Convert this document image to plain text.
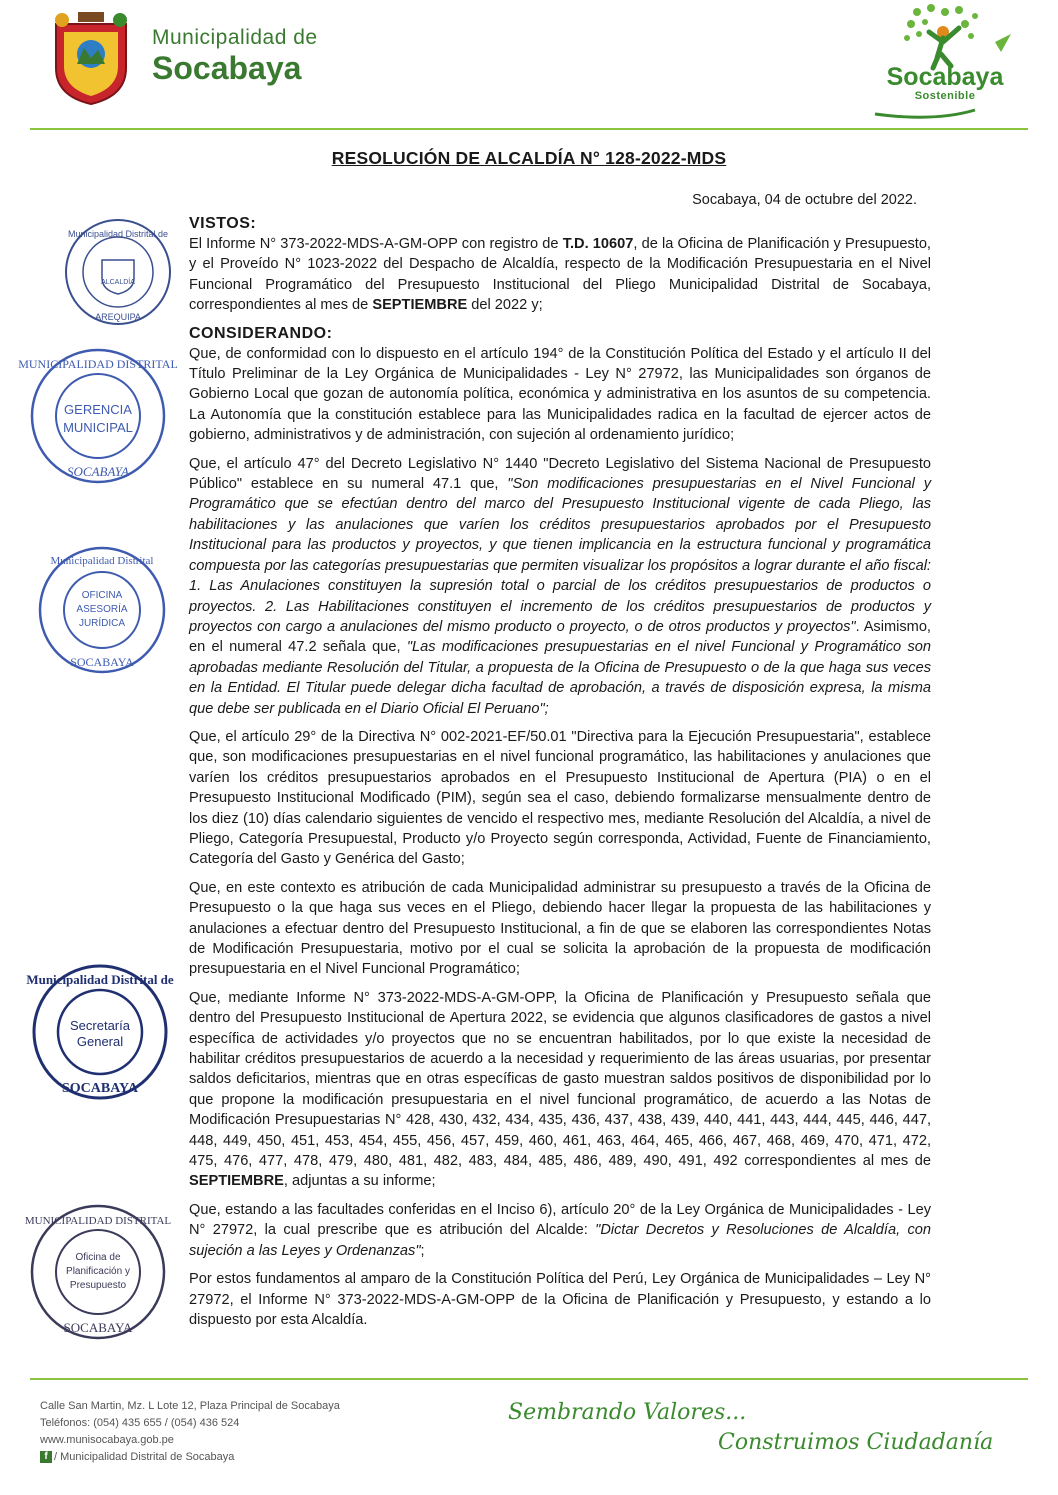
Municipalidad de
Socabaya	Socabaya
Sostenible
RESOLUCIÓN DE ALCALDÍA N° 128-2022-MDS
Socabaya, 04 de octubre del 2022.
Municipalidad Distrital de
ALCALDÍA
AREQUIPA
MUNICIPALIDAD DISTRITAL
GERENCIA
MUNICIPAL
SOCABAYA
Municipalidad Distrital
OFICINA
ASESORÍA
JURÍDICA
SOCABAYA
Municipalidad Distrital de
Secretaría
General
SOCABAYA
MUNICIPALIDAD DISTRITAL
Oficina de
Planificación y
Presupuesto
SOCABAYA
VISTOS:

El Informe N° 373-2022-MDS-A-GM-OPP con registro de T.D. 10607, de la Oficina de Planificación y Presupuesto, y el Proveído N° 1023-2022 del Despacho de Alcaldía, respecto de la Modificación Presupuestaria en el Nivel Funcional Programático del Presupuesto Institucional del Pliego Municipalidad Distrital de Socabaya, correspondientes al mes de SEPTIEMBRE del 2022 y;

CONSIDERANDO:

Que, de conformidad con lo dispuesto en el artículo 194° de la Constitución Política del Estado y el artículo II del Título Preliminar de la Ley Orgánica de Municipalidades - Ley N° 27972, las Municipalidades son órganos de Gobierno Local que gozan de autonomía política, económica y administrativa en los asuntos de su competencia. La Autonomía que la constitución establece para las Municipalidades radica en la facultad de ejercer actos de gobierno, administrativos y de administración, con sujeción al ordenamiento jurídico;

Que, el artículo 47° del Decreto Legislativo N° 1440 "Decreto Legislativo del Sistema Nacional de Presupuesto Público" establece en su numeral 47.1 que, "Son modificaciones presupuestarias en el Nivel Funcional y Programático que se efectúan dentro del marco del Presupuesto Institucional vigente de cada Pliego, las habilitaciones y las anulaciones que varíen los créditos presupuestarios aprobados por el Presupuesto Institucional para las productos y proyectos, y que tienen implicancia en la estructura funcional y programática compuesta por las categorías presupuestarias que permiten visualizar los propósitos a lograr durante el año fiscal: 1. Las Anulaciones constituyen la supresión total o parcial de los créditos presupuestarios de productos o proyectos. 2. Las Habilitaciones constituyen el incremento de los créditos presupuestarios de productos y proyectos con cargo a anulaciones del mismo producto o proyecto, o de otros productos y proyectos". Asimismo, en el numeral 47.2 señala que, "Las modificaciones presupuestarias en el nivel Funcional y Programático son aprobadas mediante Resolución del Titular, a propuesta de la Oficina de Presupuesto o de la que haga sus veces en la Entidad. El Titular puede delegar dicha facultad de aprobación, a través de disposición expresa, la misma que debe ser publicada en el Diario Oficial El Peruano";

Que, el artículo 29° de la Directiva N° 002-2021-EF/50.01 "Directiva para la Ejecución Presupuestaria", establece que, son modificaciones presupuestarias en el nivel funcional programático, las habilitaciones y anulaciones que varíen los créditos presupuestarios aprobados en el Presupuesto Institucional de Apertura (PIA) o en el Presupuesto Institucional Modificado (PIM), según sea el caso, debiendo formalizarse mensualmente dentro de los diez (10) días calendario siguientes de vencido el respectivo mes, mediante Resolución del Alcaldía, a nivel de Pliego, Categoría Presupuestal, Producto y/o Proyecto según corresponda, Actividad, Fuente de Financiamiento, Categoría del Gasto y Genérica del Gasto;

Que, en este contexto es atribución de cada Municipalidad administrar su presupuesto a través de la Oficina de Presupuesto o la que haga sus veces en el Pliego, debiendo hacer llegar la propuesta de las habilitaciones y anulaciones a efectuar dentro del Presupuesto Institucional, a fin de que se elaboren las correspondientes Notas de Modificación Presupuestaria, motivo por el cual se solicita la aprobación de la propuesta de modificación presupuestaria en el Nivel Funcional Programático;

Que, mediante Informe N° 373-2022-MDS-A-GM-OPP, la Oficina de Planificación y Presupuesto señala que dentro del Presupuesto Institucional de Apertura 2022, se evidencia que algunos clasificadores de gastos a nivel específica de actividades y/o proyectos que no se encuentran habilitados, por lo que existe la necesidad de habilitar créditos presupuestarios de acuerdo a la necesidad y requerimiento de las áreas usuarias, por presentar saldos deficitarios, mientras que en otras específicas de gasto muestran saldos positivos de disponibilidad por lo que propone la modificación presupuestaria en el nivel funcional programático, de acuerdo a las Notas de Modificación Presupuestarias N° 428, 430, 432, 434, 435, 436, 437, 438, 439, 440, 441, 443, 444, 445, 446, 447, 448, 449, 450, 451, 453, 454, 455, 456, 457, 459, 460, 461, 463, 464, 465, 466, 467, 468, 469, 470, 471, 472, 475, 476, 477, 478, 479, 480, 481, 482, 483, 484, 485, 486, 489, 490, 491, 492 correspondientes al mes de SEPTIEMBRE, adjuntas a su informe;

Que, estando a las facultades conferidas en el Inciso 6), artículo 20° de la Ley Orgánica de Municipalidades - Ley N° 27972, la cual prescribe que es atribución del Alcalde: "Dictar Decretos y Resoluciones de Alcaldía, con sujeción a las Leyes y Ordenanzas";

Por estos fundamentos al amparo de la Constitución Política del Perú, Ley Orgánica de Municipalidades – Ley N° 27972, el Informe N° 373-2022-MDS-A-GM-OPP de la Oficina de Planificación y Presupuesto, y estando a lo dispuesto por esta Alcaldía.

Calle San Martin, Mz. L Lote 12, Plaza Principal de Socabaya
Teléfonos: (054) 435 655 / (054) 436 524
www.munisocabaya.gob.pe
f / Municipalidad Distrital de Socabaya
Sembrando Valores...
Construimos Ciudadanía
